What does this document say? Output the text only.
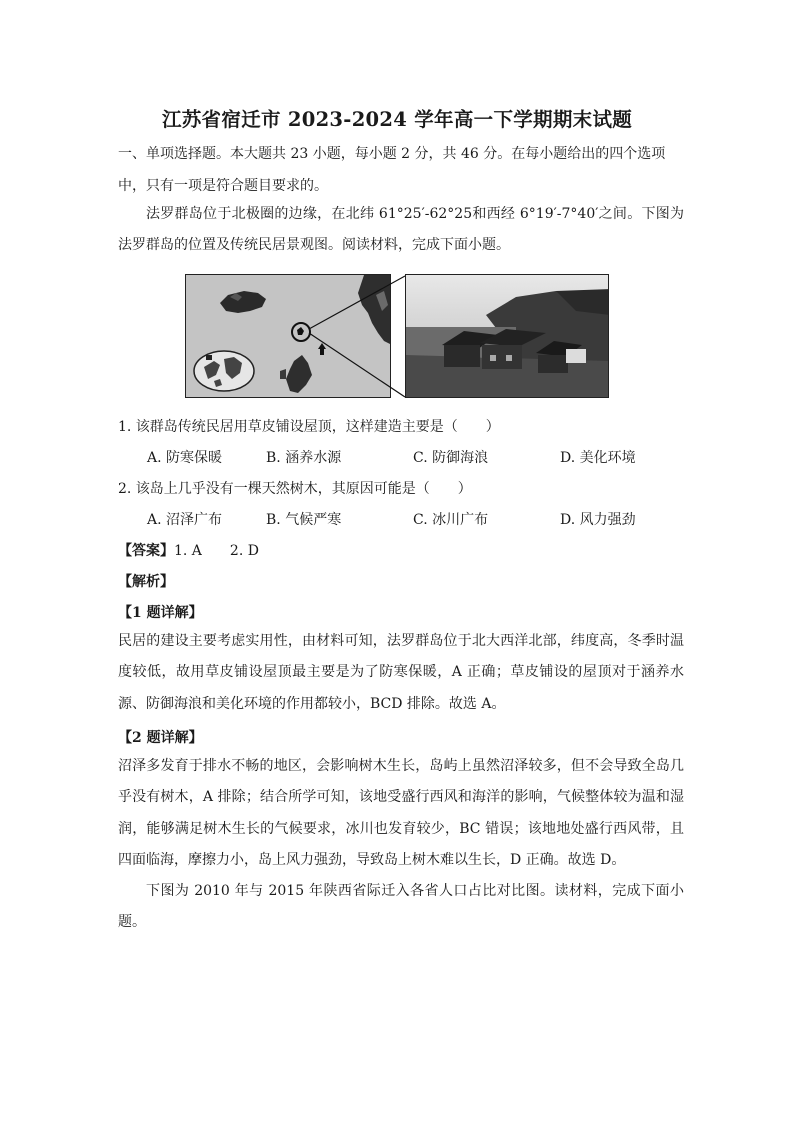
江苏省宿迁市 2023-2024 学年高一下学期期末试题
一、单项选择题。本大题共 23 小题，每小题 2 分，共 46 分。在每小题给出的四个选项
中，只有一项是符合题目要求的。
法罗群岛位于北极圈的边缘，在北纬 61°25′-62°25和西经 6°19′-7°40′之间。下图为法罗群岛的位置及传统民居景观图。阅读材料，完成下面小题。
1. 该群岛传统民居用草皮铺设屋顶，这样建造主要是（　　）
A. 防寒保暖	B. 涵养水源	C. 防御海浪	D. 美化环境
2. 该岛上几乎没有一棵天然树木，其原因可能是（　　）
A. 沼泽广布	B. 气候严寒	C. 冰川广布	D. 风力强劲
【答案】1. A　　2. D
【解析】
【1 题详解】
民居的建设主要考虑实用性，由材料可知，法罗群岛位于北大西洋北部，纬度高，冬季时温度较低，故用草皮铺设屋顶最主要是为了防寒保暖，A 正确；草皮铺设的屋顶对于涵养水源、防御海浪和美化环境的作用都较小，BCD 排除。故选 A。
【2 题详解】
沼泽多发育于排水不畅的地区，会影响树木生长，岛屿上虽然沼泽较多，但不会导致全岛几乎没有树木，A 排除；结合所学可知，该地受盛行西风和海洋的影响，气候整体较为温和湿润，能够满足树木生长的气候要求，冰川也发育较少，BC 错误；该地地处盛行西风带，且四面临海，摩擦力小，岛上风力强劲，导致岛上树木难以生长，D 正确。故选 D。
下图为 2010 年与 2015 年陕西省际迁入各省人口占比对比图。读材料，完成下面小题。
